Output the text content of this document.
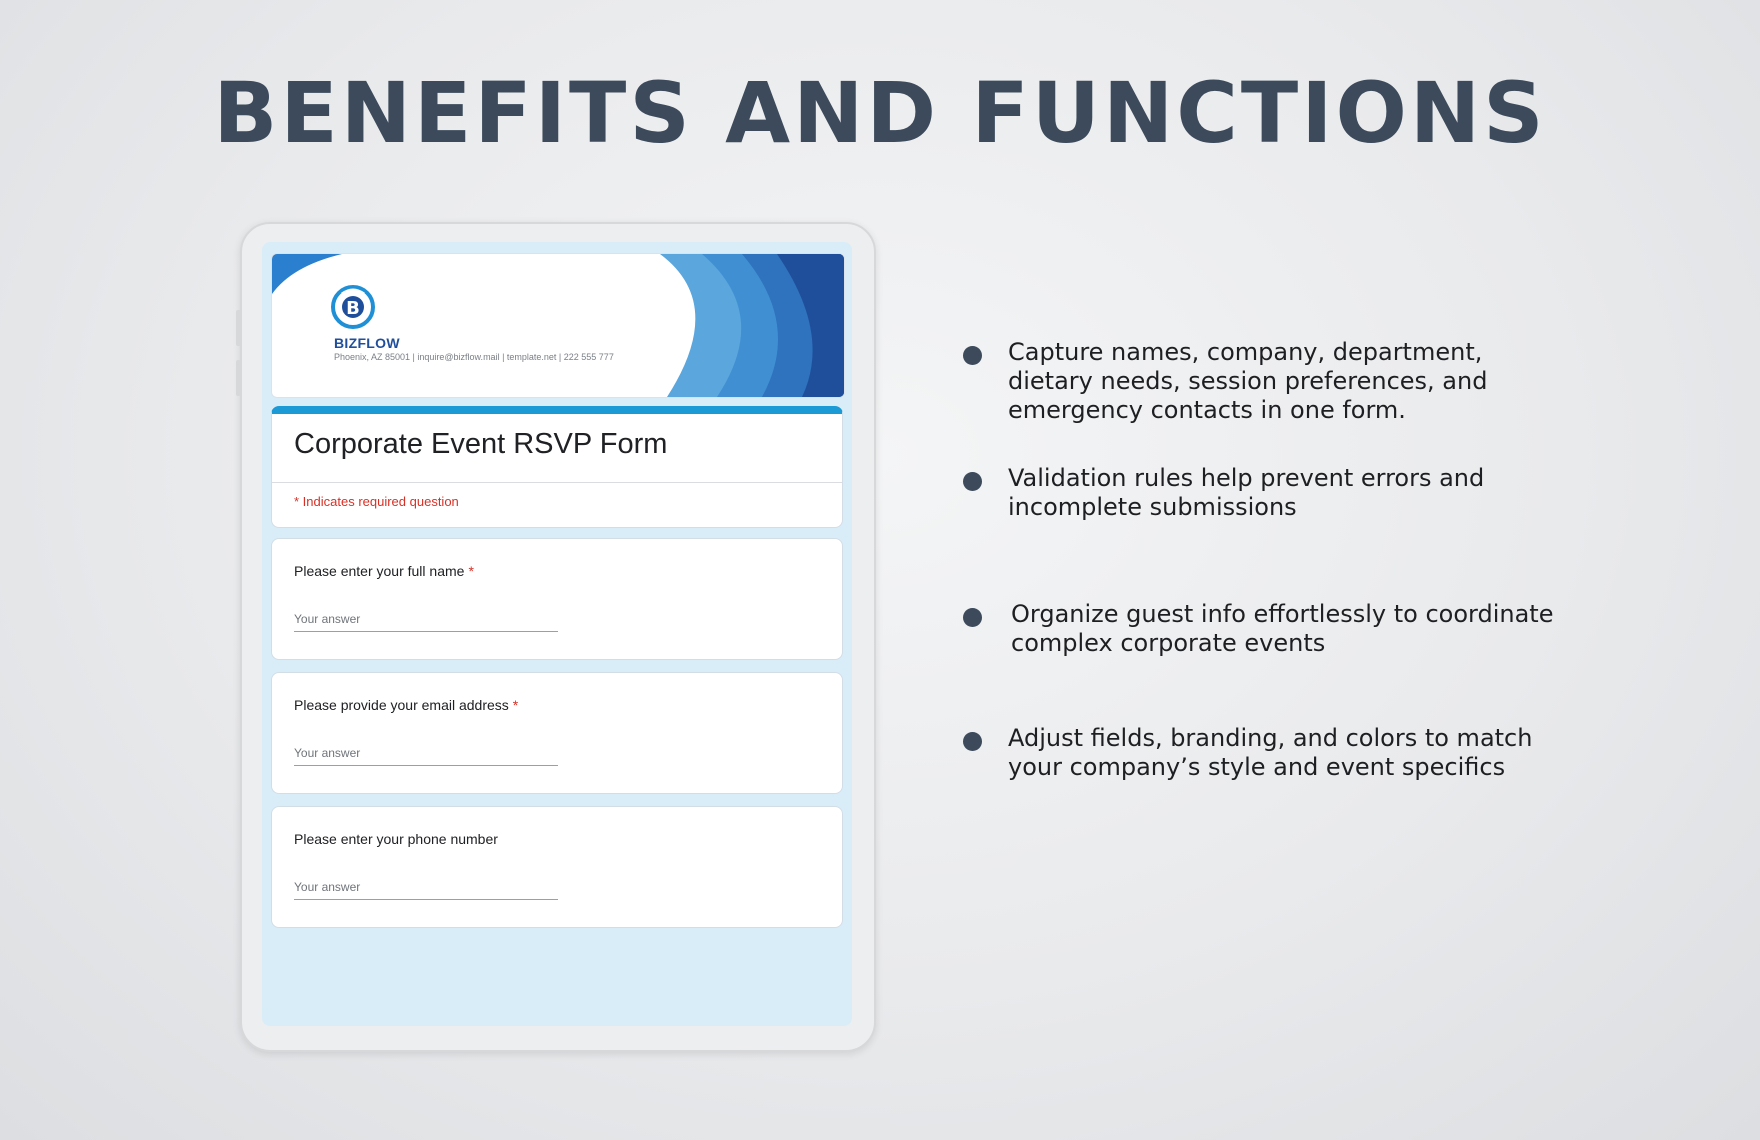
BENEFITS AND FUNCTIONS
B
BIZFLOW
Phoenix, AZ 85001 | inquire@bizflow.mail | template.net | 222 555 777
Corporate Event RSVP Form
* Indicates required question
Please enter your full name *
Your answer
Please provide your email address *
Your answer
Please enter your phone number
Your answer
Capture names, company, department, dietary needs, session preferences, and emergency contacts in one form.
Validation rules help prevent errors and incomplete submissions
Organize guest info effortlessly to coordinate complex corporate events
Adjust fields, branding, and colors to match your company’s style and event specifics
